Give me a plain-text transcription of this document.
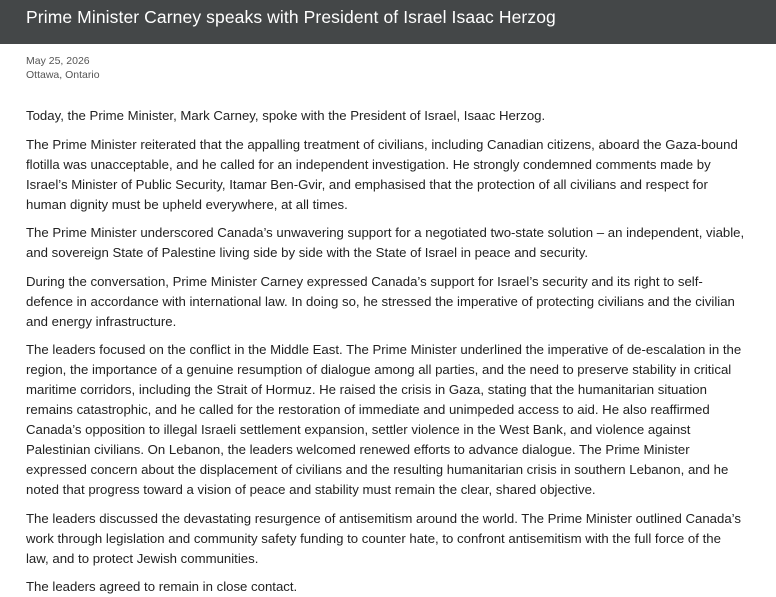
Prime Minister Carney speaks with President of Israel Isaac Herzog
May 25, 2026
Ottawa, Ontario

Today, the Prime Minister, Mark Carney, spoke with the President of Israel, Isaac Herzog.

The Prime Minister reiterated that the appalling treatment of civilians, including Canadian citizens, aboard the Gaza-bound flotilla was unacceptable, and he called for an independent investigation. He strongly condemned comments made by Israel’s Minister of Public Security, Itamar Ben-Gvir, and emphasised that the protection of all civilians and respect for human dignity must be upheld everywhere, at all times.

The Prime Minister underscored Canada’s unwavering support for a negotiated two-state solution – an independent, viable, and sovereign State of Palestine living side by side with the State of Israel in peace and security.

During the conversation, Prime Minister Carney expressed Canada’s support for Israel’s security and its right to self-defence in accordance with international law. In doing so, he stressed the imperative of protecting civilians and the civilian and energy infrastructure.

The leaders focused on the conflict in the Middle East. The Prime Minister underlined the imperative of de-escalation in the region, the importance of a genuine resumption of dialogue among all parties, and the need to preserve stability in critical maritime corridors, including the Strait of Hormuz. He raised the crisis in Gaza, stating that the humanitarian situation remains catastrophic, and he called for the restoration of immediate and unimpeded access to aid. He also reaffirmed Canada’s opposition to illegal Israeli settlement expansion, settler violence in the West Bank, and violence against Palestinian civilians. On Lebanon, the leaders welcomed renewed efforts to advance dialogue. The Prime Minister expressed concern about the displacement of civilians and the resulting humanitarian crisis in southern Lebanon, and he noted that progress toward a vision of peace and stability must remain the clear, shared objective.

The leaders discussed the devastating resurgence of antisemitism around the world. The Prime Minister outlined Canada’s work through legislation and community safety funding to counter hate, to confront antisemitism with the full force of the law, and to protect Jewish communities.

The leaders agreed to remain in close contact.
